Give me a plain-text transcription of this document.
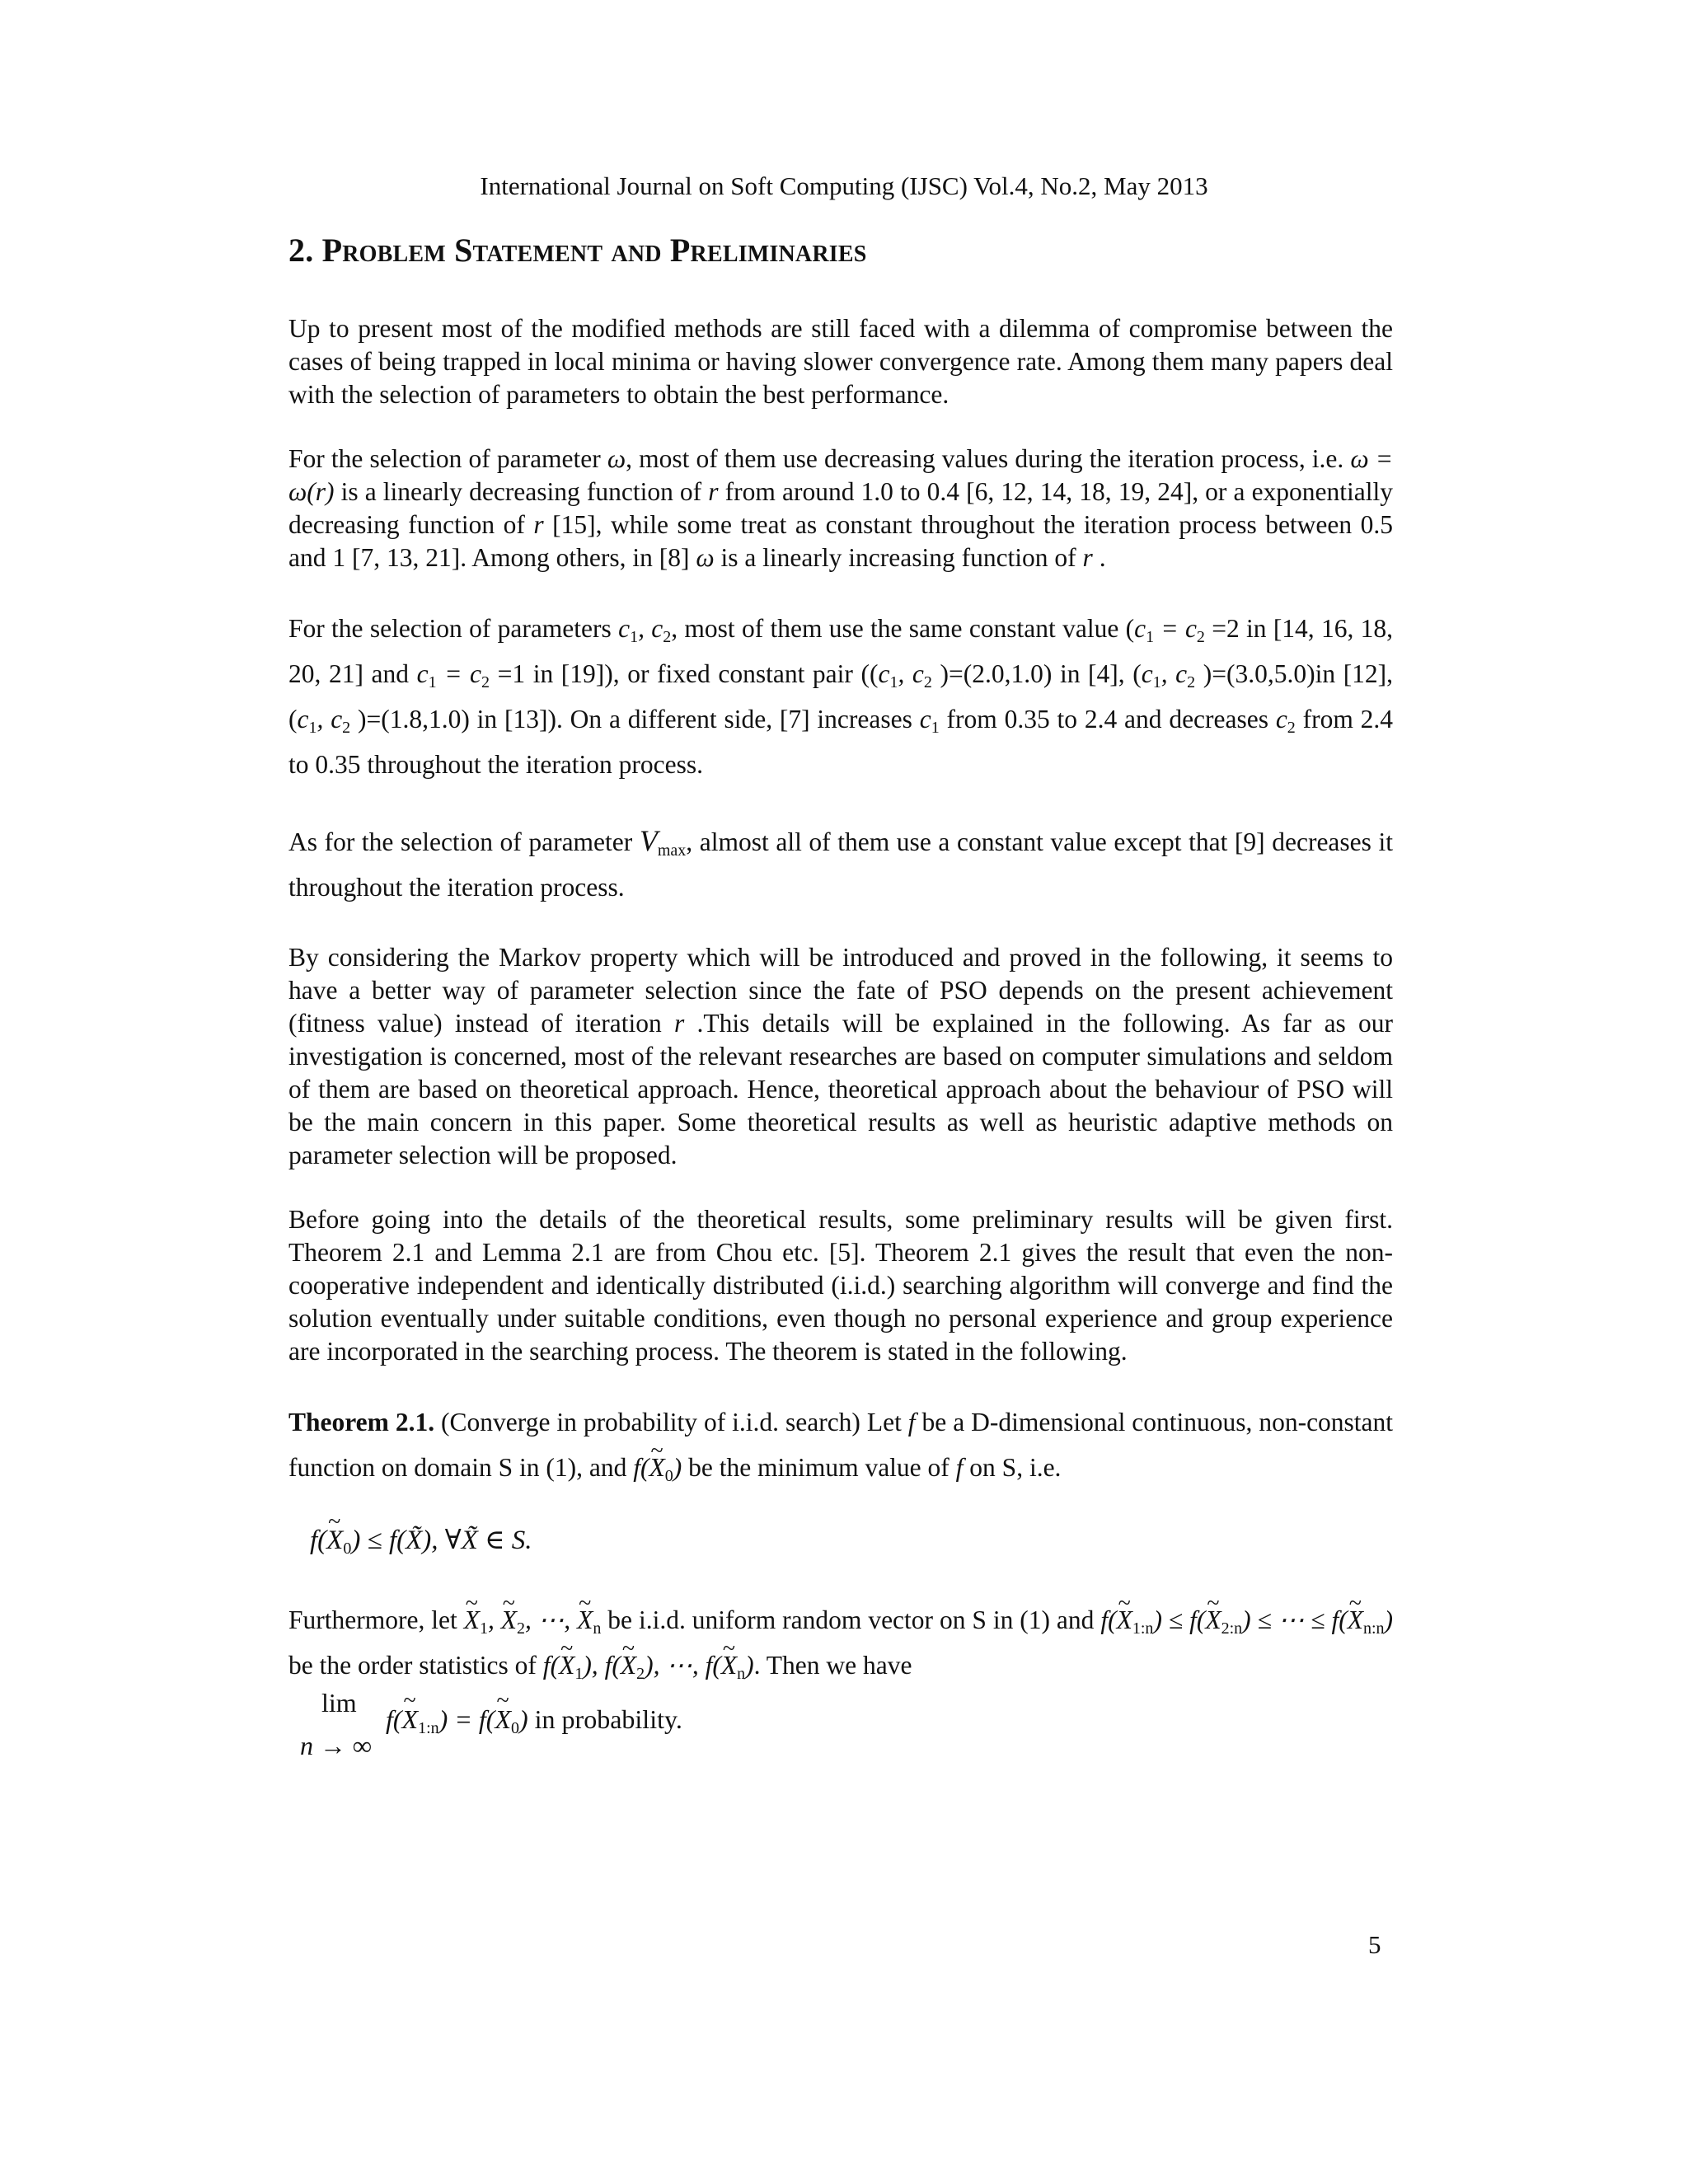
International Journal on Soft Computing (IJSC) Vol.4, No.2, May 2013
2. Problem Statement and Preliminaries

Up to present most of the modified methods are still faced with a dilemma of compromise between the cases of being trapped in local minima or having slower convergence rate. Among them many papers deal with the selection of parameters to obtain the best performance.

For the selection of parameter ω, most of them use decreasing values during the iteration process, i.e. ω = ω(r) is a linearly decreasing function of r from around 1.0 to 0.4 [6, 12, 14, 18, 19, 24], or a exponentially decreasing function of r [15], while some treat as constant throughout the iteration process between 0.5 and 1 [7, 13, 21]. Among others, in [8] ω is a linearly increasing function of r .

For the selection of parameters $c_1$, $c_2$, most of them use the same constant value ($c_1 = c_2 =2$ in [14, 16, 18, 20, 21] and $c_1 = c_2 =1$ in [19]), or fixed constant pair (($c_1$, $c_2$ )=(2.0,1.0) in [4], ($c_1$, $c_2$ )=(3.0,5.0)in [12], ($c_1$, $c_2$ )=(1.8,1.0) in [13]). On a different side, [7] increases $c_1$ from 0.35 to 2.4 and decreases $c_2$ from 2.4 to 0.35 throughout the iteration process.

As for the selection of parameter $V_{max}$, almost all of them use a constant value except that [9] decreases it throughout the iteration process.

By considering the Markov property which will be introduced and proved in the following, it seems to have a better way of parameter selection since the fate of PSO depends on the present achievement (fitness value) instead of iteration r .This details will be explained in the following. As far as our investigation is concerned, most of the relevant researches are based on computer simulations and seldom of them are based on theoretical approach. Hence, theoretical approach about the behaviour of PSO will be the main concern in this paper. Some theoretical results as well as heuristic adaptive methods on parameter selection will be proposed.

Before going into the details of the theoretical results, some preliminary results will be given first. Theorem 2.1 and Lemma 2.1 are from Chou etc. [5]. Theorem 2.1 gives the result that even the non-cooperative independent and identically distributed (i.i.d.) searching algorithm will converge and find the solution eventually under suitable conditions, even though no personal experience and group experience are incorporated in the searching process. The theorem is stated in the following.

Theorem 2.1. (Converge in probability of i.i.d. search) Let f be a D-dimensional continuous, non-constant function on domain S in (1), and f(~ $X_0$) be the minimum value of f on S, i.e.

f(~ $X_0$) ≤ f(X̃), ∀X̃ ∈ S.

Furthermore, let ~ $X_1$, ~ $X_2$, ⋯, ~ $X_n$ be i.i.d. uniform random vector on S in (1) and f(~ $X_{1:n}$) ≤ f(~ $X_{2:n}$) ≤ ⋯ ≤ f(~ $X_{n:n}$) be the order statistics of f(~ $X_1$), f(~ $X_2$), ⋯, f(~ $X_n$). Then we have

lim
n → ∞
f(~ $X_{1:n}$) = f(~ $X_0$) in probability.
5
